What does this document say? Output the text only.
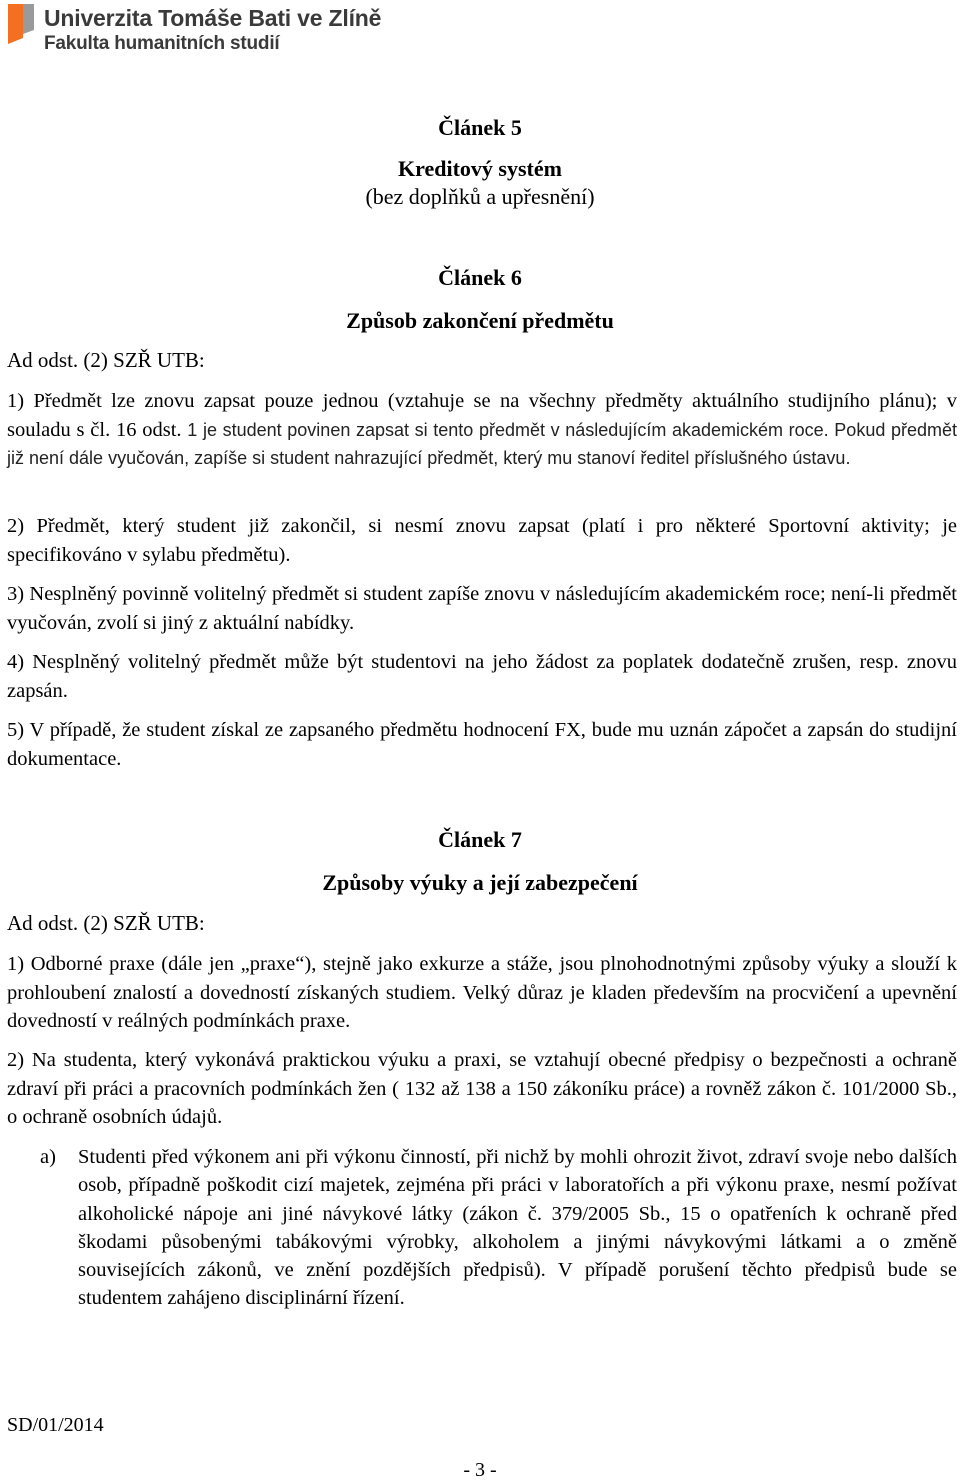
Univerzita Tomáše Bati ve Zlíně
Fakulta humanitních studií
Článek 5
Kreditový systém
(bez doplňků a upřesnění)
Článek 6
Způsob zakončení předmětu
Ad odst. (2) SZŘ UTB:
1) Předmět lze znovu zapsat pouze jednou (vztahuje se na všechny předměty aktuálního studijního plánu); v souladu s čl. 16 odst. 1 je student povinen zapsat si tento předmět v následujícím akademickém roce. Pokud předmět již není dále vyučován, zapíše si student nahrazující předmět, který mu stanoví ředitel příslušného ústavu.
2) Předmět, který student již zakončil, si nesmí znovu zapsat (platí i pro některé Sportovní aktivity; je specifikováno v sylabu předmětu).
3) Nesplněný povinně volitelný předmět si student zapíše znovu v následujícím akademickém roce; není-li předmět vyučován, zvolí si jiný z aktuální nabídky.
4) Nesplněný volitelný předmět může být studentovi na jeho žádost za poplatek dodatečně zrušen, resp. znovu zapsán.
5) V případě, že student získal ze zapsaného předmětu hodnocení FX, bude mu uznán zápočet a zapsán do studijní dokumentace.
Článek 7
Způsoby výuky a její zabezpečení
Ad odst. (2) SZŘ UTB:
1) Odborné praxe (dále jen „praxe“), stejně jako exkurze a stáže, jsou plnohodnotnými způsoby výuky a slouží k prohloubení znalostí a dovedností získaných studiem. Velký důraz je kladen především na procvičení a upevnění dovedností v reálných podmínkách praxe.
2) Na studenta, který vykonává praktickou výuku a praxi, se vztahují obecné předpisy o bezpečnosti a ochraně zdraví při práci a pracovních podmínkách žen ( 132 až 138 a 150 zákoníku práce) a rovněž zákon č. 101/2000 Sb., o ochraně osobních údajů.
a) Studenti před výkonem ani při výkonu činností, při nichž by mohli ohrozit život, zdraví svoje nebo dalších osob, případně poškodit cizí majetek, zejména při práci v laboratořích a při výkonu praxe, nesmí požívat alkoholické nápoje ani jiné návykové látky (zákon č. 379/2005 Sb., 15 o opatřeních k ochraně před škodami působenými tabákovými výrobky, alkoholem a jinými návykovými látkami a o změně souvisejících zákonů, ve znění pozdějších předpisů). V případě porušení těchto předpisů bude se studentem zahájeno disciplinární řízení.
SD/01/2014
- 3 -
